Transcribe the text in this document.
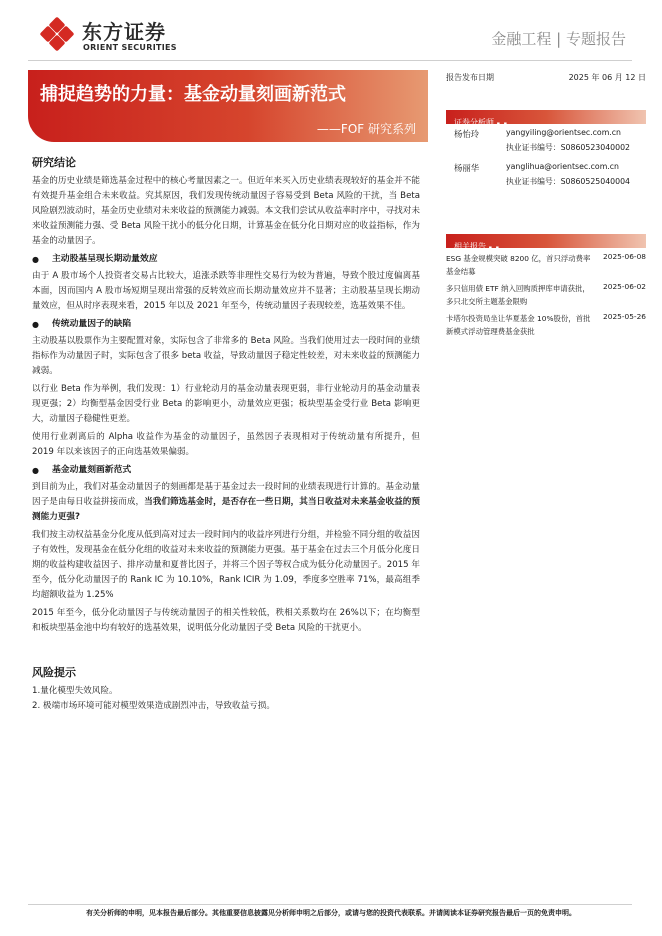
东方证券
ORIENT SECURITIES	金融工程 | 专题报告
捕捉趋势的力量：基金动量刻画新范式
——FOF 研究系列
研究结论

基金的历史业绩是筛选基金过程中的核心考量因素之一。但近年来买入历史业绩表现较好的基金并不能有效提升基金组合未来收益。究其原因，我们发现传统动量因子容易受到 Beta 风险的干扰，当 Beta 风险剧烈波动时，基金历史业绩对未来收益的预测能力减弱。本文我们尝试从收益率时序中，寻找对未来收益预测能力强、受 Beta 风险干扰小的低分化日期，计算基金在低分化日期对应的收益指标，作为基金的动量因子。

● 主动股基呈现长期动量效应

由于 A 股市场个人投资者交易占比较大，追涨杀跌等非理性交易行为较为普遍，导致个股过度偏离基本面，因而国内 A 股市场短期呈现出常强的反转效应而长期动量效应并不显著；主动股基呈现长期动量效应，但从时序表现来看，2015 年以及 2021 年至今，传统动量因子表现较差，选基效果不佳。

● 传统动量因子的缺陷

主动股基以股票作为主要配置对象，实际包含了非常多的 Beta 风险。当我们使用过去一段时间的业绩指标作为动量因子时，实际包含了很多 beta 收益，导致动量因子稳定性较差，对未来收益的预测能力减弱。

以行业 Beta 作为举例，我们发现：1）行业轮动月的基金动量表现更弱，非行业轮动月的基金动量表现更强；2）均衡型基金因受行业 Beta 的影响更小，动量效应更强；板块型基金受行业 Beta 影响更大，动量因子稳健性更差。

使用行业剥离后的 Alpha 收益作为基金的动量因子，虽然因子表现相对于传统动量有所提升，但 2019 年以来该因子的正向选基效果偏弱。

● 基金动量刻画新范式

到目前为止，我们对基金动量因子的刻画都是基于基金过去一段时间的业绩表现进行计算的。基金动量因子是由每日收益拼接而成，当我们筛选基金时，是否存在一些日期，其当日收益对未来基金收益的预测能力更强?

我们按主动权益基金分化度从低到高对过去一段时间内的收益序列进行分组，并检验不同分组的收益因子有效性，发现基金在低分化组的收益对未来收益的预测能力更强。基于基金在过去三个月低分化度日期的收益构建收益因子、排序动量和夏普比因子，并将三个因子等权合成为低分化动量因子。2015 年至今，低分化动量因子的 Rank IC 为 10.10%，Rank ICIR 为 1.09，季度多空胜率 71%，最高组季均超额收益为 1.25%

2015 年至今，低分化动量因子与传统动量因子的相关性较低，秩相关系数均在 26%以下；在均衡型和板块型基金池中均有较好的选基效果，说明低分化动量因子受 Beta 风险的干扰更小。

风险提示
1.量化模型失效风险。
2. 极端市场环境可能对模型效果造成剧烈冲击，导致收益亏损。
报告发布日期	2025 年 06 月 12 日
证券分析师 ▪ ▪
杨怡玲	yangyiling@orientsec.com.cn
执业证书编号：S0860523040002
杨丽华	yanglihua@orientsec.com.cn
执业证书编号：S0860525040004
相关报告 ▪ ▪
ESG 基金规模突破 8200 亿，首只浮动费率基金结募
2025-06-08
多只信用债 ETF 纳入回购质押库申请获批，多只北交所主题基金限购
2025-06-02
卡塔尔投资局坐让华夏基金 10%股份，首批新模式浮动管理费基金获批
2025-05-26
有关分析师的申明，见本报告最后部分。其他重要信息披露见分析师申明之后部分，或请与您的投资代表联系。并请阅读本证券研究报告最后一页的免责申明。
